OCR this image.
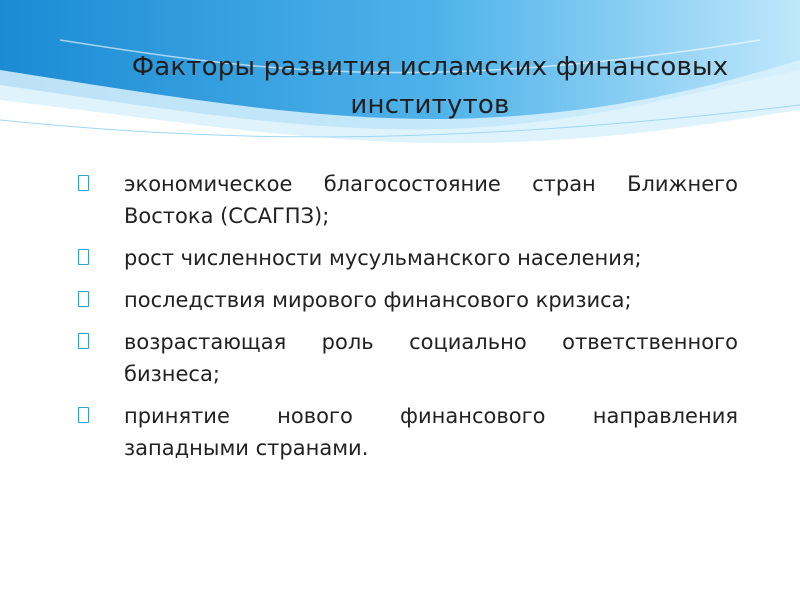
Факторы развития исламских финансовых институтов
экономическое благосостояние стран Ближнего Востока (ССАГПЗ);
рост численности мусульманского населения;
последствия мирового финансового кризиса;
возрастающая роль социально ответственного бизнеса;
принятие нового финансового направления западными странами.
